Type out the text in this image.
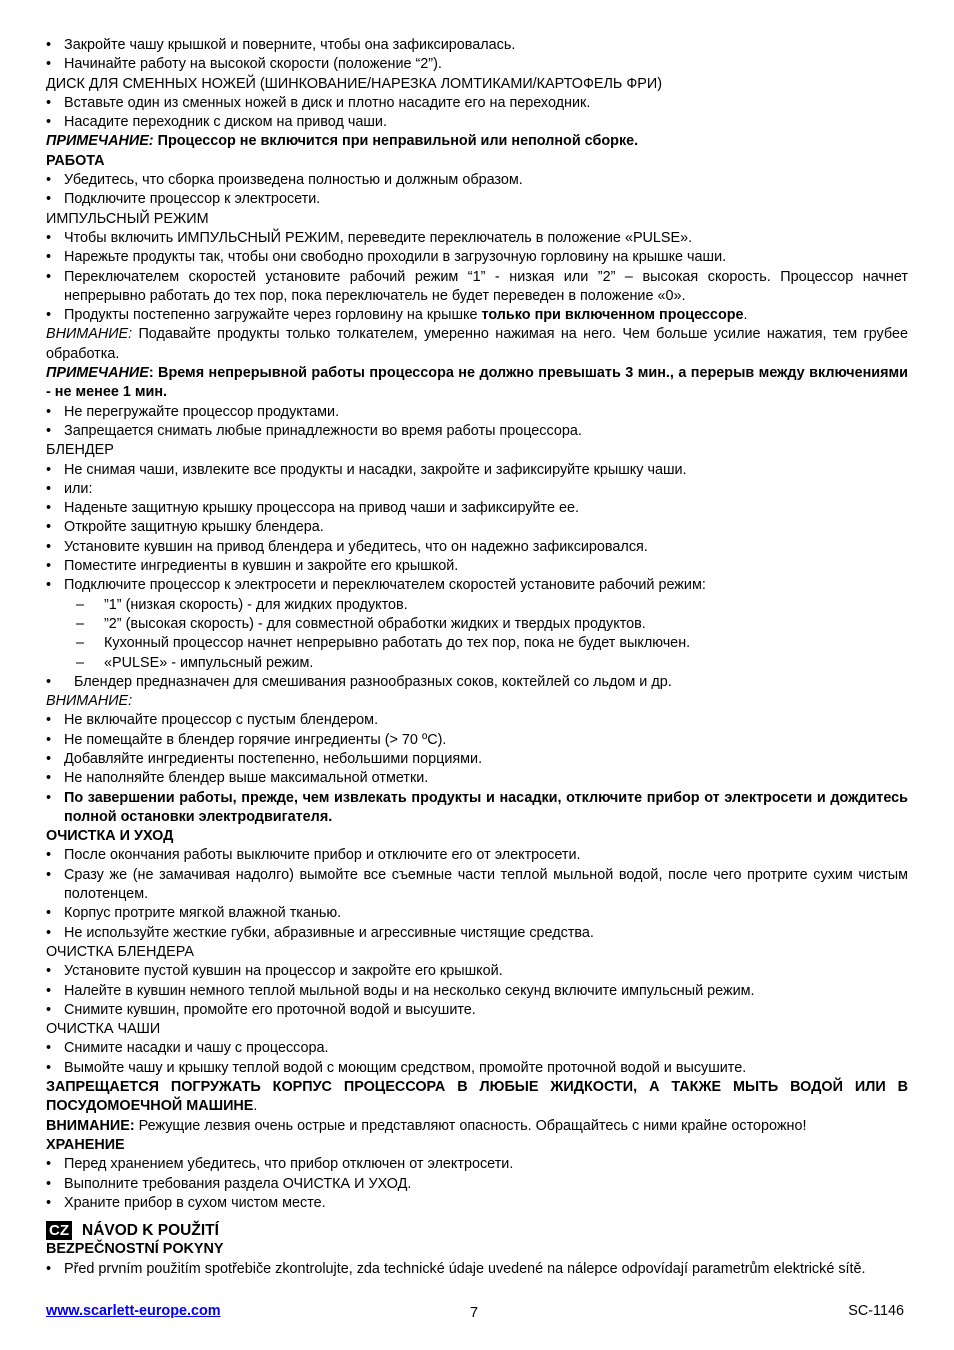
• Закройте чашу крышкой и поверните, чтобы она зафиксировалась.
• Начинайте работу на высокой скорости (положение “2”).
ДИСК ДЛЯ СМЕННЫХ НОЖЕЙ (ШИНКОВАНИЕ/НАРЕЗКА ЛОМТИКАМИ/КАРТОФЕЛЬ ФРИ)
• Вставьте один из сменных ножей в диск и плотно насадите его на переходник.
• Насадите переходник с диском на привод чаши.
ПРИМЕЧАНИЕ: Процессор не включится при неправильной или неполной сборке.
РАБОТА
• Убедитесь, что сборка произведена полностью и должным образом.
• Подключите процессор к электросети.
ИМПУЛЬСНЫЙ РЕЖИМ
• Чтобы включить ИМПУЛЬСНЫЙ РЕЖИМ, переведите переключатель в положение «PULSE».
• Нарежьте продукты так, чтобы они свободно проходили в загрузочную горловину на крышке чаши.
• Переключателем скоростей установите рабочий режим “1” - низкая или ”2” – высокая скорость. Процессор начнет непрерывно работать до тех пор, пока переключатель не будет переведен в положение «0».
• Продукты постепенно загружайте через горловину на крышке только при включенном процессоре.
ВНИМАНИЕ: Подавайте продукты только толкателем, умеренно нажимая на него. Чем больше усилие нажатия, тем грубее обработка.
ПРИМЕЧАНИЕ: Время непрерывной работы процессора не должно превышать 3 мин., а перерыв между включениями - не менее 1 мин.
• Не перегружайте процессор продуктами.
• Запрещается снимать любые принадлежности во время работы процессора.
БЛЕНДЕР
• Не снимая чаши, извлеките все продукты и насадки, закройте и зафиксируйте крышку чаши.
• или:
• Наденьте защитную крышку процессора на привод чаши и зафиксируйте ее.
• Откройте защитную крышку блендера.
• Установите кувшин на привод блендера и убедитесь, что он надежно зафиксировался.
• Поместите ингредиенты в кувшин и закройте его крышкой.
• Подключите процессор к электросети и переключателем скоростей установите рабочий режим:
– ”1” (низкая скорость) - для жидких продуктов.
– ”2” (высокая скорость) - для совместной обработки жидких и твердых продуктов.
– Кухонный процессор начнет непрерывно работать до тех пор, пока не будет выключен.
– «PULSE» - импульсный режим.
• Блендер предназначен для смешивания разнообразных соков, коктейлей со льдом и др.
ВНИМАНИЕ:
• Не включайте процессор с пустым блендером.
• Не помещайте в блендер горячие ингредиенты (> 70 ºС).
• Добавляйте ингредиенты постепенно, небольшими порциями.
• Не наполняйте блендер выше максимальной отметки.
• По завершении работы, прежде, чем извлекать продукты и насадки, отключите прибор от электросети и дождитесь полной остановки электродвигателя.
ОЧИСТКА И УХОД
• После окончания работы выключите прибор и отключите его от электросети.
• Сразу же (не замачивая надолго) вымойте все съемные части теплой мыльной водой, после чего протрите сухим чистым полотенцем.
• Корпус протрите мягкой влажной тканью.
• Не используйте жесткие губки, абразивные и агрессивные чистящие средства.
ОЧИСТКА БЛЕНДЕРА
• Установите пустой кувшин на процессор и закройте его крышкой.
• Налейте в кувшин немного теплой мыльной воды и на несколько секунд включите импульсный режим.
• Снимите кувшин, промойте его проточной водой и высушите.
ОЧИСТКА ЧАШИ
• Снимите насадки и чашу с процессора.
• Вымойте чашу и крышку теплой водой с моющим средством, промойте проточной водой и высушите.
ЗАПРЕЩАЕТСЯ ПОГРУЖАТЬ КОРПУС ПРОЦЕССОРА В ЛЮБЫЕ ЖИДКОСТИ, А ТАКЖЕ МЫТЬ ВОДОЙ ИЛИ В ПОСУДОМОЕЧНОЙ МАШИНЕ.
ВНИМАНИЕ: Режущие лезвия очень острые и представляют опасность. Обращайтесь с ними крайне осторожно!
ХРАНЕНИЕ
• Перед хранением убедитесь, что прибор отключен от электросети.
• Выполните требования раздела ОЧИСТКА И УХОД.
• Храните прибор в сухом чистом месте.
CZ NÁVOD K POUŽITÍ
BEZPEČNOSTNÍ POKYNY
• Před prvním použitím spotřebiče zkontrolujte, zda technické údaje uvedené na nálepce odpovídají parametrům elektrické sítě.
www.scarlett-europe.com	7	SC-1146
